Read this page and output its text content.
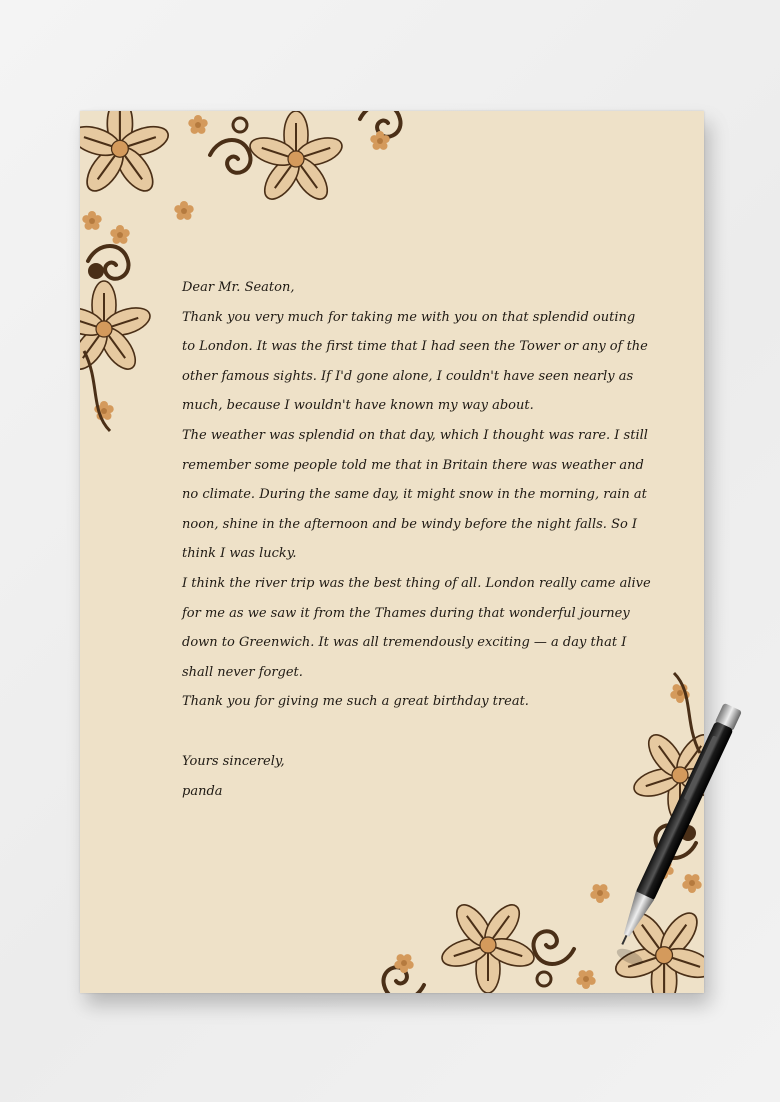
Dear Mr. Seaton,

Thank you very much for taking me with you on that splendid outing to London. It was the first time that I had seen the Tower or any of the other famous sights. If I'd gone alone, I couldn't have seen nearly as much, because I wouldn't have known my way about.

The weather was splendid on that day, which I thought was rare. I still remember some people told me that in Britain there was weather and no climate. During the same day, it might snow in the morning, rain at noon, shine in the afternoon and be windy before the night falls. So I think I was lucky.

I think the river trip was the best thing of all. London really came alive for me as we saw it from the Thames during that wonderful journey down to Greenwich. It was all tremendously exciting — a day that I shall never forget.

Thank you for giving me such a great birthday treat.

Yours sincerely,

panda
